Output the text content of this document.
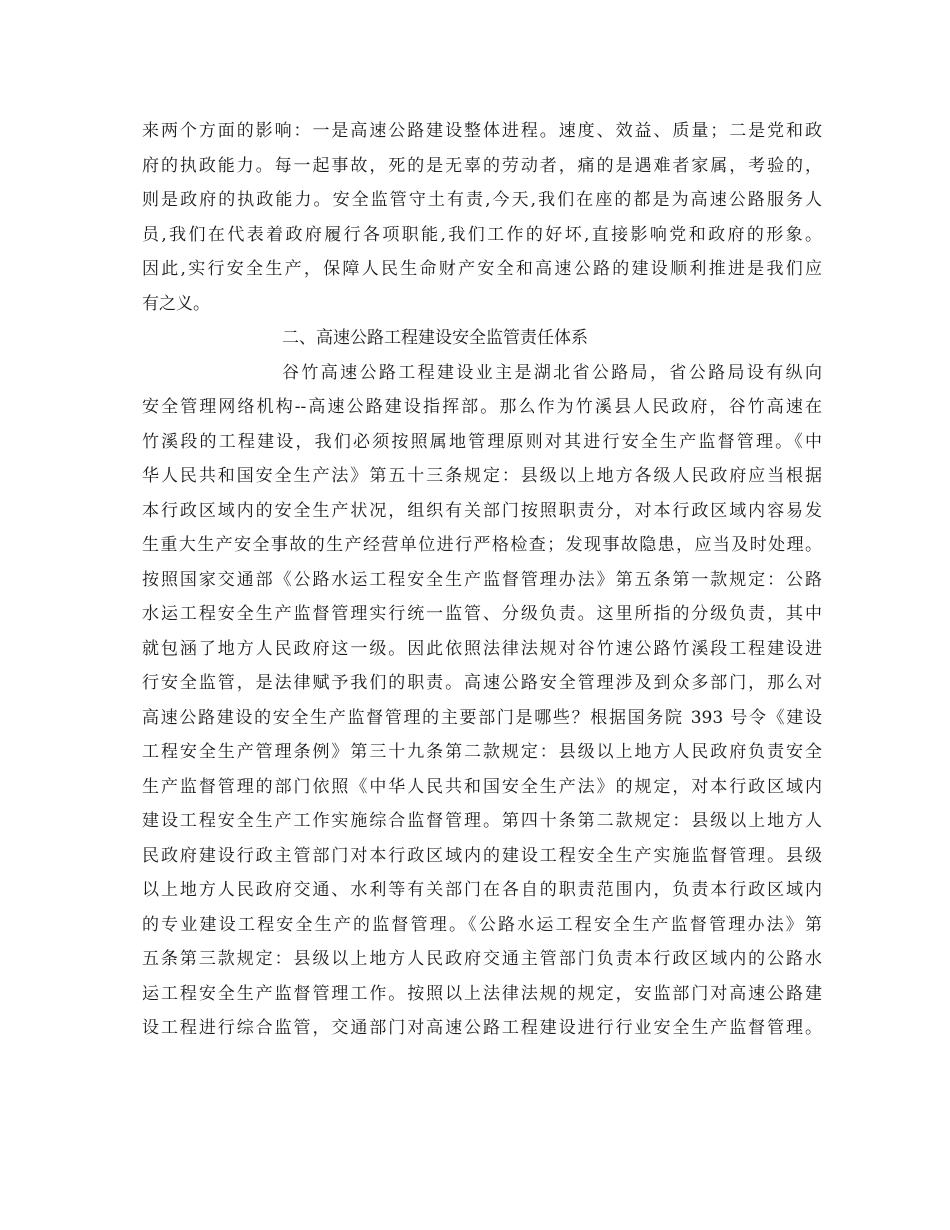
来两个方面的影响：一是高速公路建设整体进程。速度、效益、质量；二是党和政
府的执政能力。每一起事故，死的是无辜的劳动者，痛的是遇难者家属，考验的，
则是政府的执政能力。安全监管守土有责,今天,我们在座的都是为高速公路服务人
员,我们在代表着政府履行各项职能,我们工作的好坏,直接影响党和政府的形象。
因此,实行安全生产，保障人民生命财产安全和高速公路的建设顺利推进是我们应
有之义。
二、高速公路工程建设安全监管责任体系
谷竹高速公路工程建设业主是湖北省公路局，省公路局设有纵向
安全管理网络机构--高速公路建设指挥部。那么作为竹溪县人民政府，谷竹高速在
竹溪段的工程建设，我们必须按照属地管理原则对其进行安全生产监督管理。《中
华人民共和国安全生产法》第五十三条规定：县级以上地方各级人民政府应当根据
本行政区域内的安全生产状况，组织有关部门按照职责分，对本行政区域内容易发
生重大生产安全事故的生产经营单位进行严格检查；发现事故隐患，应当及时处理。
按照国家交通部《公路水运工程安全生产监督管理办法》第五条第一款规定：公路
水运工程安全生产监督管理实行统一监管、分级负责。这里所指的分级负责，其中
就包涵了地方人民政府这一级。因此依照法律法规对谷竹速公路竹溪段工程建设进
行安全监管，是法律赋予我们的职责。高速公路安全管理涉及到众多部门，那么对
高速公路建设的安全生产监督管理的主要部门是哪些？根据国务院 393 号令《建设
工程安全生产管理条例》第三十九条第二款规定：县级以上地方人民政府负责安全
生产监督管理的部门依照《中华人民共和国安全生产法》的规定，对本行政区域内
建设工程安全生产工作实施综合监督管理。第四十条第二款规定：县级以上地方人
民政府建设行政主管部门对本行政区域内的建设工程安全生产实施监督管理。县级
以上地方人民政府交通、水利等有关部门在各自的职责范围内，负责本行政区域内
的专业建设工程安全生产的监督管理。《公路水运工程安全生产监督管理办法》第
五条第三款规定：县级以上地方人民政府交通主管部门负责本行政区域内的公路水
运工程安全生产监督管理工作。按照以上法律法规的规定，安监部门对高速公路建
设工程进行综合监管，交通部门对高速公路工程建设进行行业安全生产监督管理。
